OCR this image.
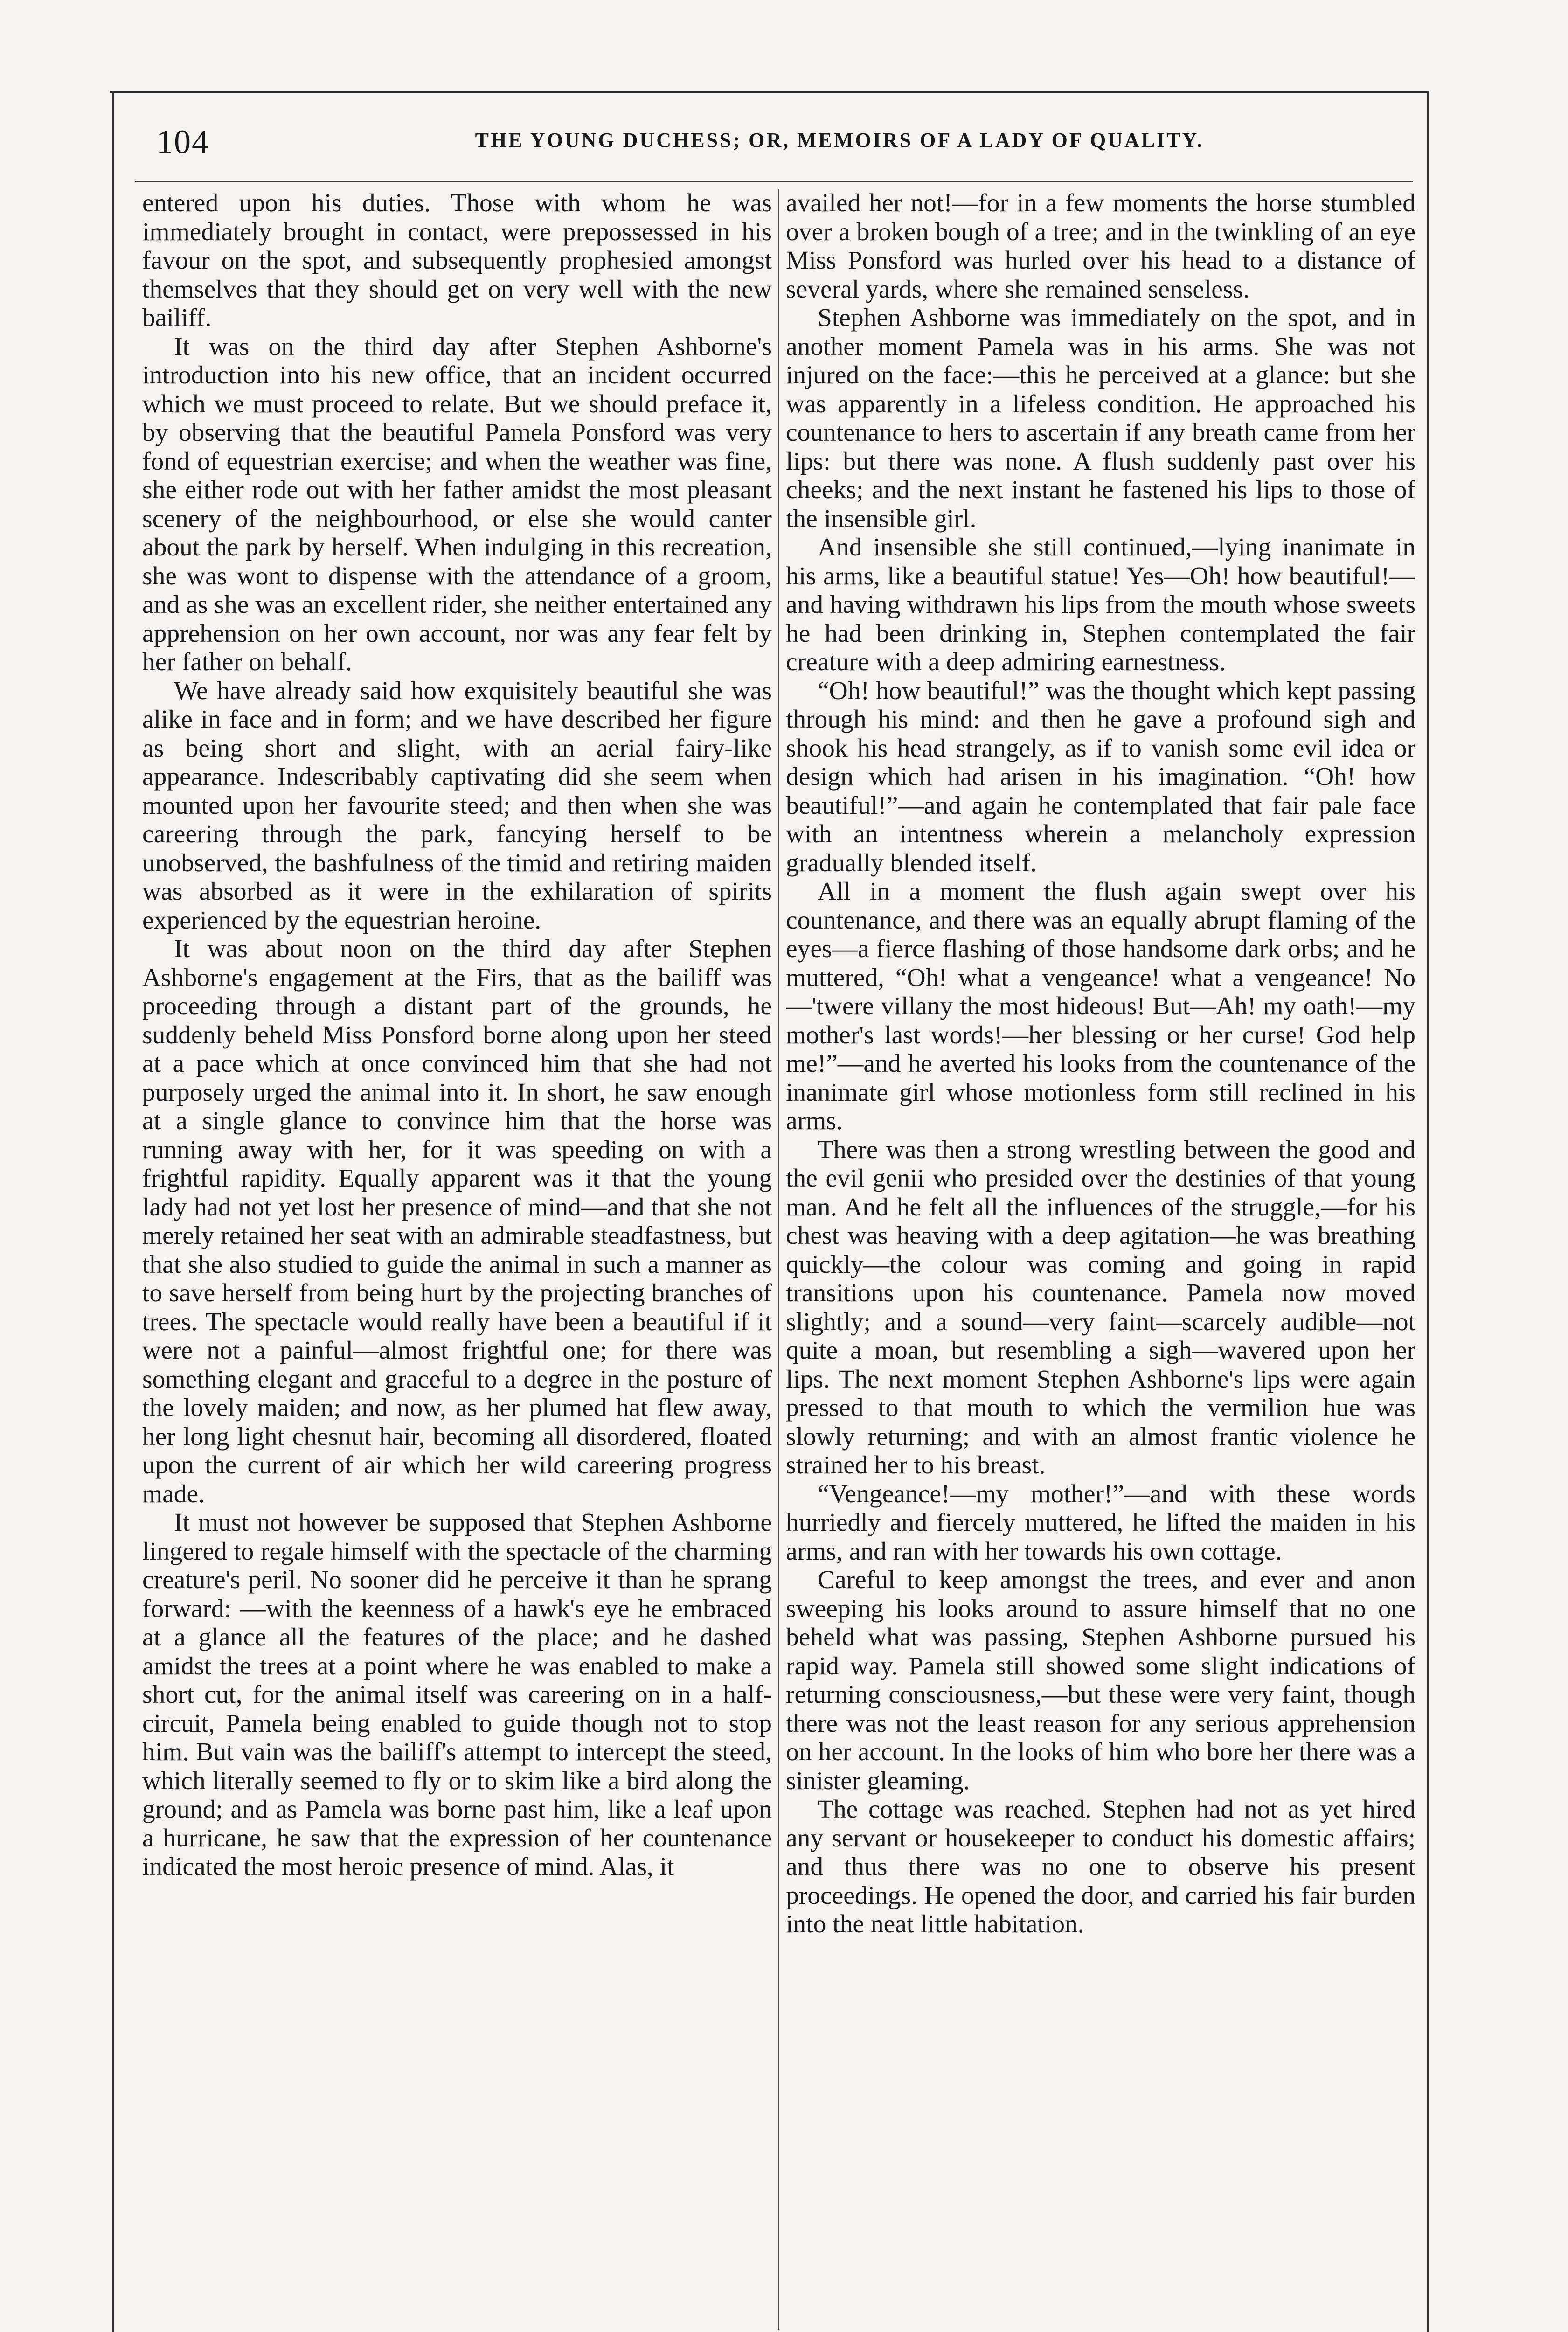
104	THE YOUNG DUCHESS; OR, MEMOIRS OF A LADY OF QUALITY.

entered upon his duties. Those with whom he was immediately brought in contact, were prepossessed in his favour on the spot, and subsequently prophesied amongst themselves that they should get on very well with the new bailiff.

It was on the third day after Stephen Ashborne's introduction into his new office, that an incident occurred which we must proceed to relate. But we should preface it, by observing that the beautiful Pamela Ponsford was very fond of equestrian exercise; and when the weather was fine, she either rode out with her father amidst the most pleasant scenery of the neighbourhood, or else she would canter about the park by herself. When indulging in this recreation, she was wont to dispense with the attendance of a groom, and as she was an excellent rider, she neither entertained any apprehension on her own account, nor was any fear felt by her father on behalf.

We have already said how exquisitely beautiful she was alike in face and in form; and we have described her figure as being short and slight, with an aerial fairy-like appearance. Indescribably captivating did she seem when mounted upon her favourite steed; and then when she was careering through the park, fancying herself to be unobserved, the bashfulness of the timid and retiring maiden was absorbed as it were in the exhilaration of spirits experienced by the equestrian heroine.

It was about noon on the third day after Stephen Ashborne's engagement at the Firs, that as the bailiff was proceeding through a distant part of the grounds, he suddenly beheld Miss Ponsford borne along upon her steed at a pace which at once convinced him that she had not purposely urged the animal into it. In short, he saw enough at a single glance to convince him that the horse was running away with her, for it was speeding on with a frightful rapidity. Equally apparent was it that the young lady had not yet lost her presence of mind—and that she not merely retained her seat with an admirable steadfastness, but that she also studied to guide the animal in such a manner as to save herself from being hurt by the projecting branches of trees. The spectacle would really have been a beautiful if it were not a painful—almost frightful one; for there was something elegant and graceful to a degree in the posture of the lovely maiden; and now, as her plumed hat flew away, her long light chesnut hair, becoming all disordered, floated upon the current of air which her wild careering progress made.

It must not however be supposed that Stephen Ashborne lingered to regale himself with the spectacle of the charming creature's peril. No sooner did he perceive it than he sprang forward: —with the keenness of a hawk's eye he embraced at a glance all the features of the place; and he dashed amidst the trees at a point where he was enabled to make a short cut, for the animal itself was careering on in a half-circuit, Pamela being enabled to guide though not to stop him. But vain was the bailiff's attempt to intercept the steed, which literally seemed to fly or to skim like a bird along the ground; and as Pamela was borne past him, like a leaf upon a hurricane, he saw that the expression of her countenance indicated the most heroic presence of mind. Alas, it

availed her not!—for in a few moments the horse stumbled over a broken bough of a tree; and in the twinkling of an eye Miss Ponsford was hurled over his head to a distance of several yards, where she remained senseless.

Stephen Ashborne was immediately on the spot, and in another moment Pamela was in his arms. She was not injured on the face:—this he perceived at a glance: but she was apparently in a lifeless condition. He approached his countenance to hers to ascertain if any breath came from her lips: but there was none. A flush suddenly past over his cheeks; and the next instant he fastened his lips to those of the insensible girl.

And insensible she still continued,—lying inanimate in his arms, like a beautiful statue! Yes—Oh! how beautiful!—and having withdrawn his lips from the mouth whose sweets he had been drinking in, Stephen contemplated the fair creature with a deep admiring earnestness.

“Oh! how beautiful!” was the thought which kept passing through his mind: and then he gave a profound sigh and shook his head strangely, as if to vanish some evil idea or design which had arisen in his imagination. “Oh! how beautiful!”—and again he contemplated that fair pale face with an intentness wherein a melancholy expression gradually blended itself.

All in a moment the flush again swept over his countenance, and there was an equally abrupt flaming of the eyes—a fierce flashing of those handsome dark orbs; and he muttered, “Oh! what a vengeance! what a vengeance! No—'twere villany the most hideous! But—Ah! my oath!—my mother's last words!—her blessing or her curse! God help me!”—and he averted his looks from the countenance of the inanimate girl whose motionless form still reclined in his arms.

There was then a strong wrestling between the good and the evil genii who presided over the destinies of that young man. And he felt all the influences of the struggle,—for his chest was heaving with a deep agitation—he was breathing quickly—the colour was coming and going in rapid transitions upon his countenance. Pamela now moved slightly; and a sound—very faint—scarcely audible—not quite a moan, but resembling a sigh—wavered upon her lips. The next moment Stephen Ashborne's lips were again pressed to that mouth to which the vermilion hue was slowly returning; and with an almost frantic violence he strained her to his breast.

“Vengeance!—my mother!”—and with these words hurriedly and fiercely muttered, he lifted the maiden in his arms, and ran with her towards his own cottage.

Careful to keep amongst the trees, and ever and anon sweeping his looks around to assure himself that no one beheld what was passing, Stephen Ashborne pursued his rapid way. Pamela still showed some slight indications of returning consciousness,—but these were very faint, though there was not the least reason for any serious apprehension on her account. In the looks of him who bore her there was a sinister gleaming.

The cottage was reached. Stephen had not as yet hired any servant or housekeeper to conduct his domestic affairs; and thus there was no one to observe his present proceedings. He opened the door, and carried his fair burden into the neat little habitation.
